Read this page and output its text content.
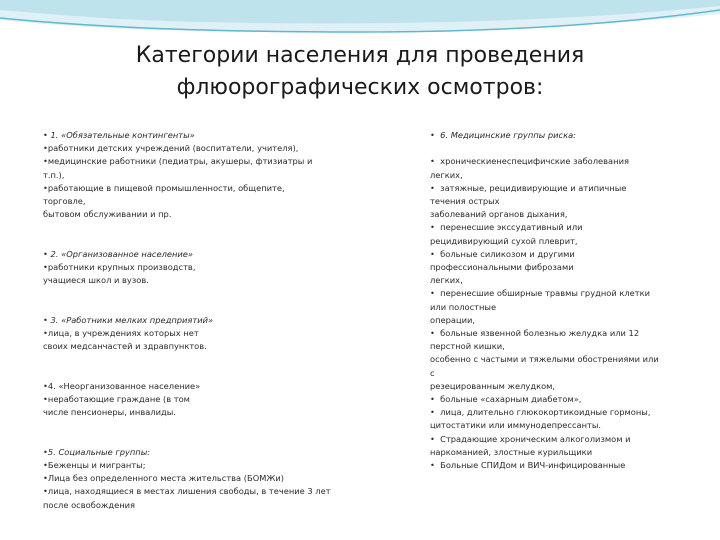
Категории населения для проведения
флюорографических осмотров:
• 1. «Обязательные контингенты»
•работники детских учреждений (воспитатели, учителя),
•медицинские работники (педиатры, акушеры, фтизиатры и
т.п.),
•работающие в пищевой промышленности, общепите,
торговле,
бытовом обслуживании и пр.
• 2. «Организованное население»
•работники крупных производств,
учащиеся школ и вузов.
• 3. «Работники мелких предприятий»
•лица, в учреждениях которых нет
своих медсанчастей и здравпунктов.
•4. «Неорганизованное население»
•неработающие граждане (в том
числе пенсионеры, инвалиды.
•5. Социальные группы:
•Беженцы и мигранты;
•Лица без определенного места жительства (БОМЖи)
•лица, находящиеся в местах лишения свободы, в течение 3 лет
после освобождения
•  6. Медицинские группы риска:
•  хроническиенеспецифичские заболевания
легких,
•  затяжные, рецидивирующие и атипичные
течения острых
заболеваний органов дыхания,
•  перенесшие экссудативный или
рецидивирующий сухой плеврит,
•  больные силикозом и другими
профессиональными фиброзами
легких,
•  перенесшие обширные травмы грудной клетки
или полостные
операции,
•  больные язвенной болезнью желудка или 12
перстной кишки,
особенно с частыми и тяжелыми обострениями или
с
резецированным желудком,
•  больные «сахарным диабетом»,
•  лица, длительно глюкокортикоидные гормоны,
цитостатики или иммунодепрессанты.
•  Страдающие хроническим алкоголизмом и
наркоманией, злостные курильщики
•  Больные СПИДом и ВИЧ-инфицированные
